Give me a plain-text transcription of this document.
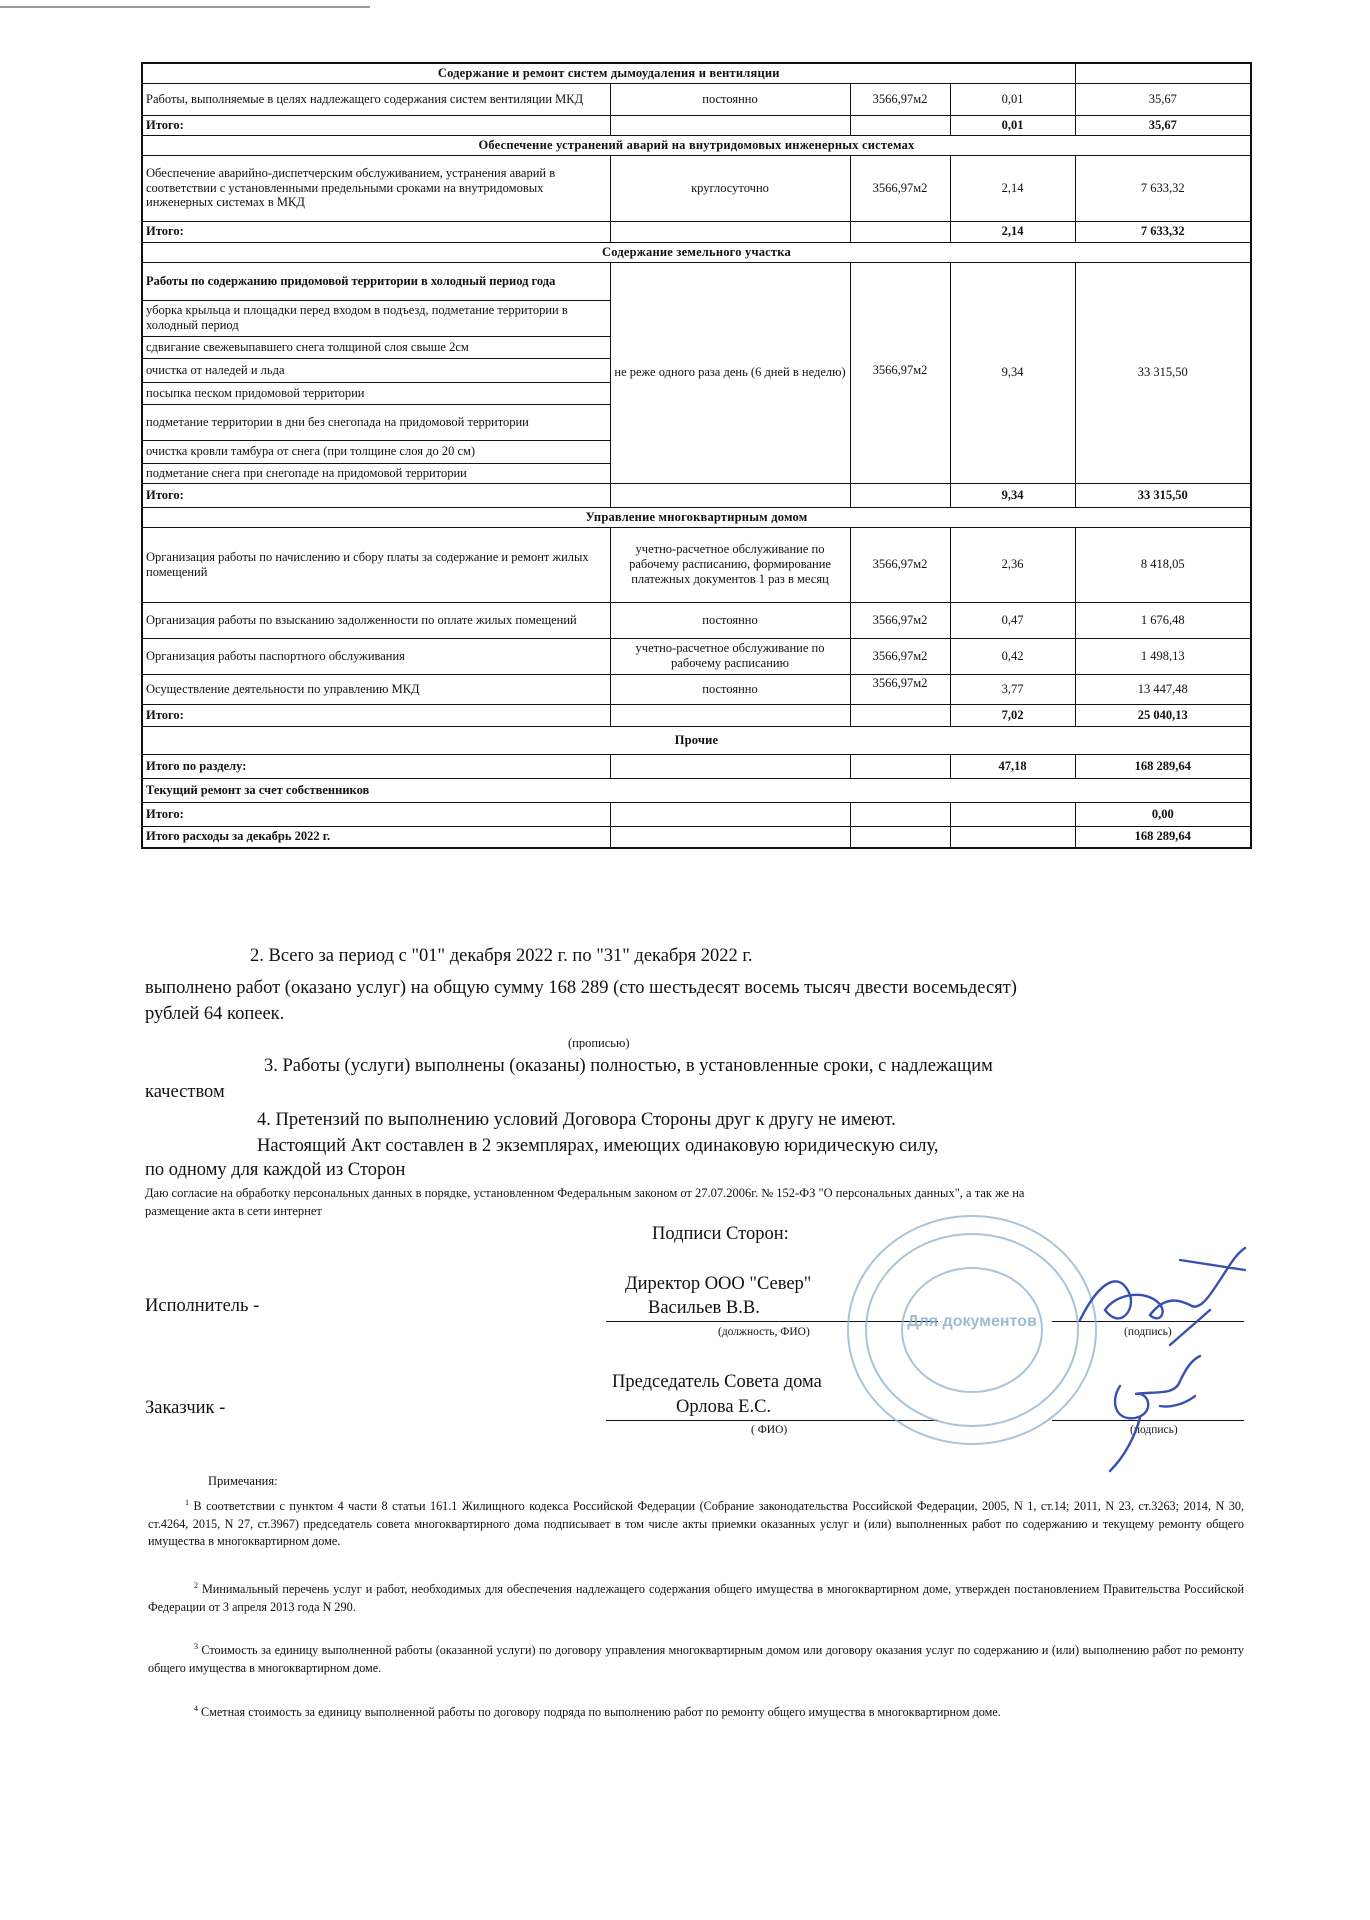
Содержание и ремонт систем дымоудаления и вентиляции				
Работы, выполняемые в целях надлежащего содержания систем вентиляции МКД	постоянно	3566,97м2	0,01	35,67
Итого:			0,01	35,67
Обеспечение устранений аварий на внутридомовых инженерных системах				
Обеспечение аварийно-диспетчерским обслуживанием, устранения аварий в соответствии с установленными предельными сроками на внутридомовых инженерных системах в МКД	круглосуточно	3566,97м2	2,14	7 633,32
Итого:			2,14	7 633,32
Содержание земельного участка				
Работы по содержанию придомовой территории в холодный период года	не реже одного раза день (6 дней в неделю)	3566,97м2	9,34	33 315,50
уборка крыльца и площадки перед входом в подъезд, подметание территории в холодный период				
сдвигание свежевыпавшего снега толщиной слоя свыше 2см				
очистка от наледей и льда				
посыпка песком придомовой территории				
подметание территории в дни без снегопада на придомовой территории				
очистка кровли тамбура от снега (при толщине слоя до 20 см)				
подметание снега при снегопаде на придомовой территории				
Итого:			9,34	33 315,50
Управление многоквартирным домом				
Организация работы по начислению и сбору платы за содержание и ремонт жилых помещений	учетно-расчетное обслуживание по рабочему расписанию, формирование платежных документов 1 раз в месяц	3566,97м2	2,36	8 418,05
Организация работы по взысканию задолженности по оплате жилых помещений	постоянно	3566,97м2	0,47	1 676,48
Организация работы паспортного обслуживания	учетно-расчетное обслуживание по рабочему расписанию	3566,97м2	0,42	1 498,13
Осуществление деятельности по управлению МКД	постоянно	3566,97м2	3,77	13 447,48
Итого:			7,02	25 040,13
Прочие				
Итого по разделу:			47,18	168 289,64
Текущий ремонт за счет собственников				
Итого:				0,00
Итого расходы за декабрь 2022 г.				168 289,64
2. Всего за период с "01" декабря 2022 г. по "31" декабря 2022 г.
выполнено работ (оказано услуг) на общую сумму 168 289 (сто шестьдесят восемь тысяч двести восемьдесят)
рублей 64 копеек.
(прописью)
3. Работы (услуги) выполнены (оказаны) полностью, в установленные сроки, с надлежащим
качеством
4. Претензий по выполнению условий Договора Стороны друг к другу не имеют.
Настоящий Акт составлен в 2 экземплярах, имеющих одинаковую юридическую силу,
по одному для каждой из Сторон
Даю согласие на обработку персональных данных в порядке, установленном Федеральным законом от 27.07.2006г. № 152-ФЗ "О персональных данных", а так же на
размещение акта в сети интернет
Подписи Сторон:
Исполнитель -
Директор ООО "Север"
Васильев В.В.
(должность, ФИО)	(подпись)
Заказчик -
Председатель Совета дома
Орлова Е.С.
( ФИО)	(подпись)
Для документов
Примечания:
$^1$ В соответствии с пунктом 4 части 8 статьи 161.1 Жилищного кодекса Российской Федерации (Собрание законодательства Российской Федерации, 2005, N 1, ст.14; 2011, N 23, ст.3263; 2014, N 30, ст.4264, 2015, N 27, ст.3967) председатель совета многоквартирного дома подписывает в том числе акты приемки оказанных услуг и (или) выполненных работ по содержанию и текущему ремонту общего имущества в многоквартирном доме.
$^2$ Минимальный перечень услуг и работ, необходимых для обеспечения надлежащего содержания общего имущества в многоквартирном доме, утвержден постановлением Правительства Российской Федерации от 3 апреля 2013 года N 290.
$^3$ Стоимость за единицу выполненной работы (оказанной услуги) по договору управления многоквартирным домом или договору оказания услуг по содержанию и (или) выполнению работ по ремонту общего имущества в многоквартирном доме.
$^4$ Сметная стоимость за единицу выполненной работы по договору подряда по выполнению работ по ремонту общего имущества в многоквартирном доме.
